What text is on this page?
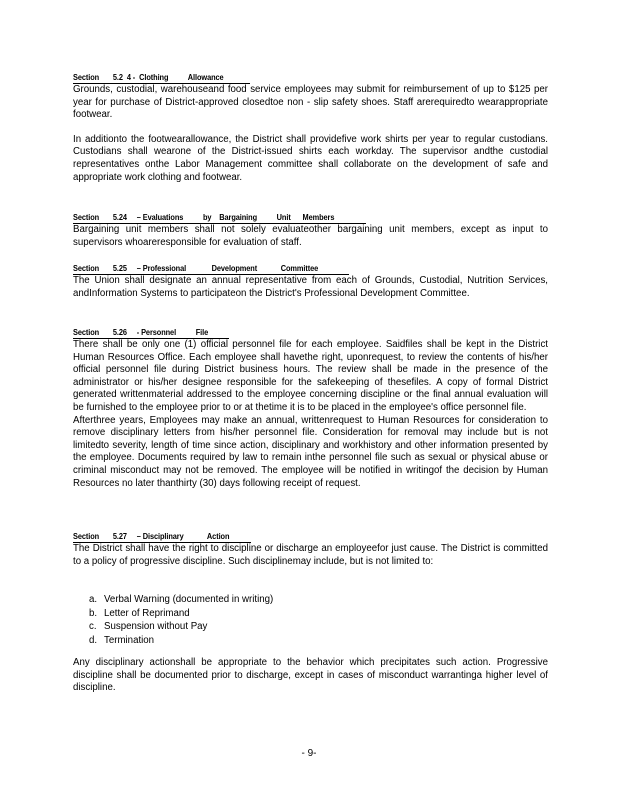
Section       5.2  4 -  Clothing          Allowance

Grounds, custodial, warehouseand food service employees may submit for reimbursement of up to $125 per year for purchase of District-approved closedtoe non - slip safety shoes. Staff arerequiredto wearappropriate footwear.

In additionto the footwearallowance, the District shall providefive work shirts per year to regular custodians. Custodians shall wearone of the District-issued shirts each workday. The supervisor andthe custodial representatives onthe Labor Management committee shall collaborate on the development of safe and appropriate work clothing and footwear.

Section       5.24     – Evaluations          by    Bargaining          Unit      Members

Bargaining unit members shall not solely evaluateother bargaining unit members, except as input to supervisors whoareresponsible for evaluation of staff.

Section       5.25     – Professional             Development            Committee

The Union shall designate an annual representative from each of Grounds, Custodial, Nutrition Services, andInformation Systems to participateon the District's Professional Development Committee.

Section       5.26     - Personnel          File

There shall be only one (1) official personnel file for each employee. Saidfiles shall be kept in the District Human Resources Office. Each employee shall havethe right, uponrequest, to review the contents of his/her official personnel file during District business hours. The review shall be made in the presence of the administrator or his/her designee responsible for the safekeeping of thesefiles. A copy of formal District generated writtenmaterial addressed to the employee concerning discipline or the final annual evaluation will be furnished to the employee prior to or at thetime it is to be placed in the employee's office personnel file.

Afterthree years, Employees may make an annual, writtenrequest to Human Resources for consideration to remove disciplinary letters from his/her personnel file. Consideration for removal may include but is not limitedto severity, length of time since action, disciplinary and workhistory and other information presented by the employee. Documents required by law to remain inthe personnel file such as sexual or physical abuse or criminal misconduct may not be removed. The employee will be notified in writingof the decision by Human Resources no later thanthirty (30) days following receipt of request.

Section       5.27     – Disciplinary            Action

The District shall have the right to discipline or discharge an employeefor just cause. The District is committed to a policy of progressive discipline. Such disciplinemay include, but is not limited to:

a. Verbal Warning (documented in writing)
b. Letter of Reprimand
c. Suspension without Pay
d. Termination

Any disciplinary actionshall be appropriate to the behavior which precipitates such action. Progressive discipline shall be documented prior to discharge, except in cases of misconduct warrantinga higher level of discipline.

- 9-
